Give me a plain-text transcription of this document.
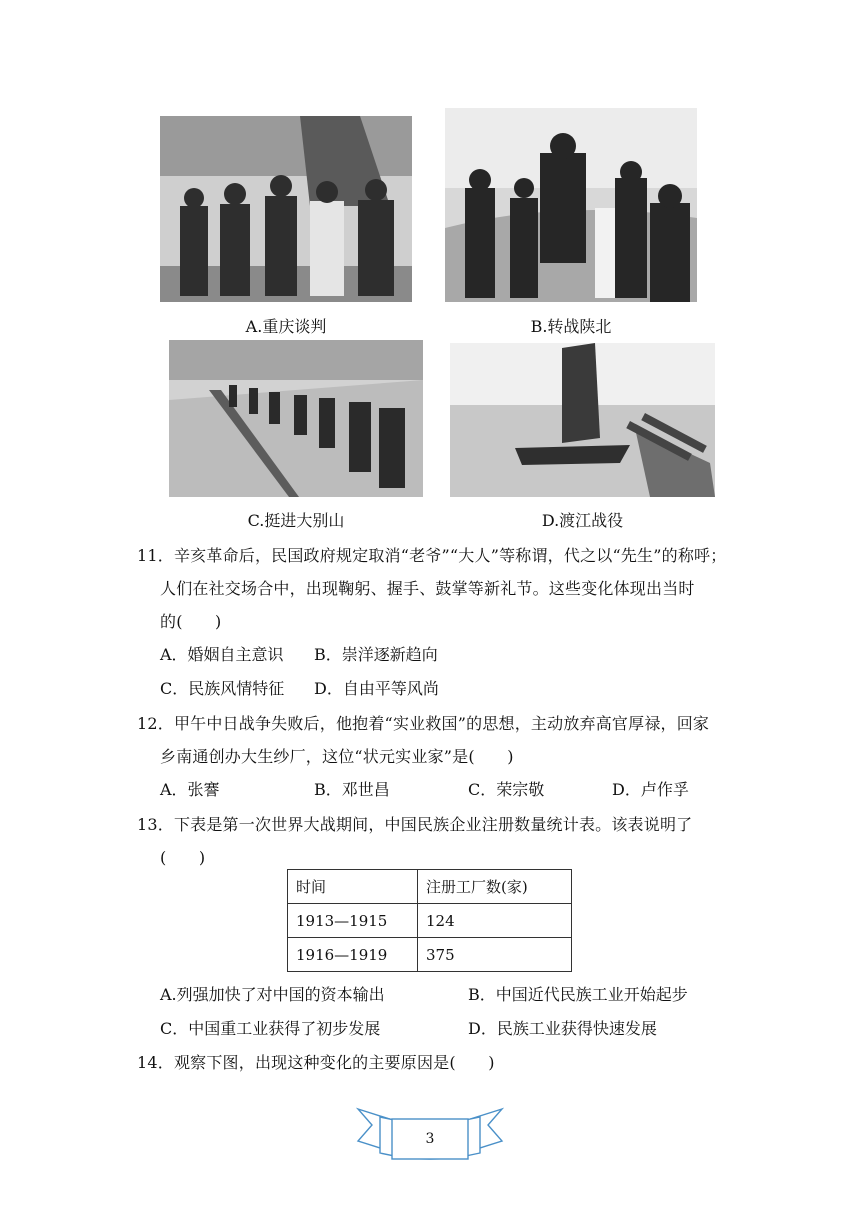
A.重庆谈判	B.转战陕北
C.挺进大别山	D.渡江战役
11．辛亥革命后，民国政府规定取消“老爷”“大人”等称谓，代之以“先生”的称呼；
人们在社交场合中，出现鞠躬、握手、鼓掌等新礼节。这些变化体现出当时
的(　　)
A．婚姻自主意识 B．崇洋逐新趋向
C．民族风情特征 D．自由平等风尚
12．甲午中日战争失败后，他抱着“实业救国”的思想，主动放弃高官厚禄，回家
乡南通创办大生纱厂，这位“状元实业家”是(　　)
A．张謇	B．邓世昌	C．荣宗敬	D．卢作孚
13．下表是第一次世界大战期间，中国民族企业注册数量统计表。该表说明了
(　　)
时间	注册工厂数(家)
1913—1915	124
1916—1919	375
A.列强加快了对中国的资本输出	B．中国近代民族工业开始起步
C．中国重工业获得了初步发展	D．民族工业获得快速发展
14．观察下图，出现这种变化的主要原因是(　　)
3
